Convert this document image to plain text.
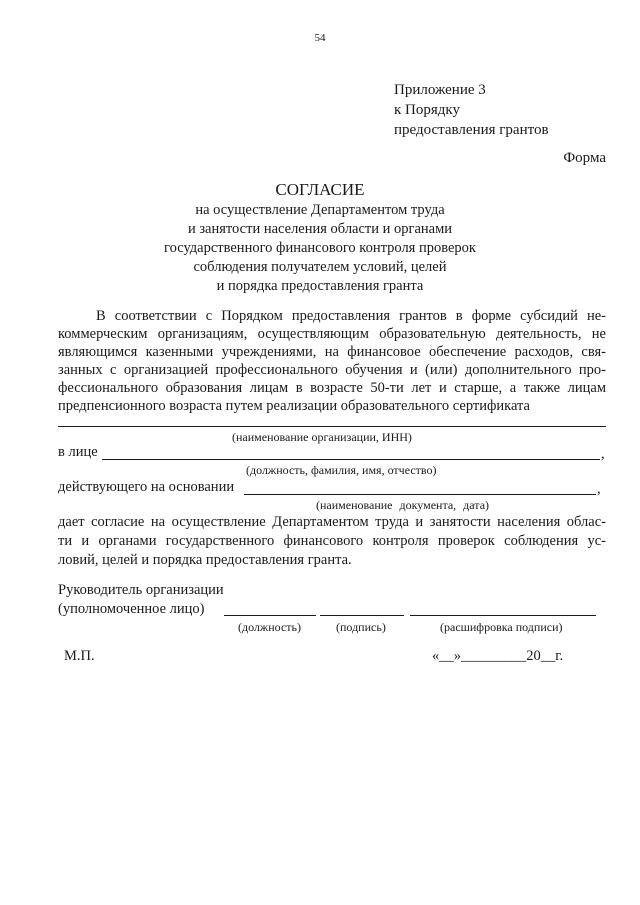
54
Приложение 3
к Порядку
предоставления грантов
Форма
СОГЛАСИЕ
на осуществление Департаментом труда
и занятости населения области и органами
государственного финансового контроля проверок
соблюдения получателем условий, целей
и порядка предоставления гранта
В соответствии с Порядком предоставления грантов в форме субсидий не-
коммерческим организациям, осуществляющим образовательную деятельность, не
являющимся казенными учреждениями, на финансовое обеспечение расходов, свя-
занных с организацией профессионального обучения и (или) дополнительного про-
фессионального образования лицам в возрасте 50-ти лет и старше, а также лицам
предпенсионного возраста путем реализации образовательного сертификата
(наименование организации, ИНН)
в лице	,
(должность, фамилия, имя, отчество)
действующего на основании	,
(наименование документа, дата)
дает согласие на осуществление Департаментом труда и занятости населения облас-
ти и органами государственного финансового контроля проверок соблюдения ус-
ловий, целей и порядка предоставления гранта.
Руководитель организации
(уполномоченное лицо)
(должность)	(подпись)	(расшифровка подписи)
М.П.	«__»_________20__г.
